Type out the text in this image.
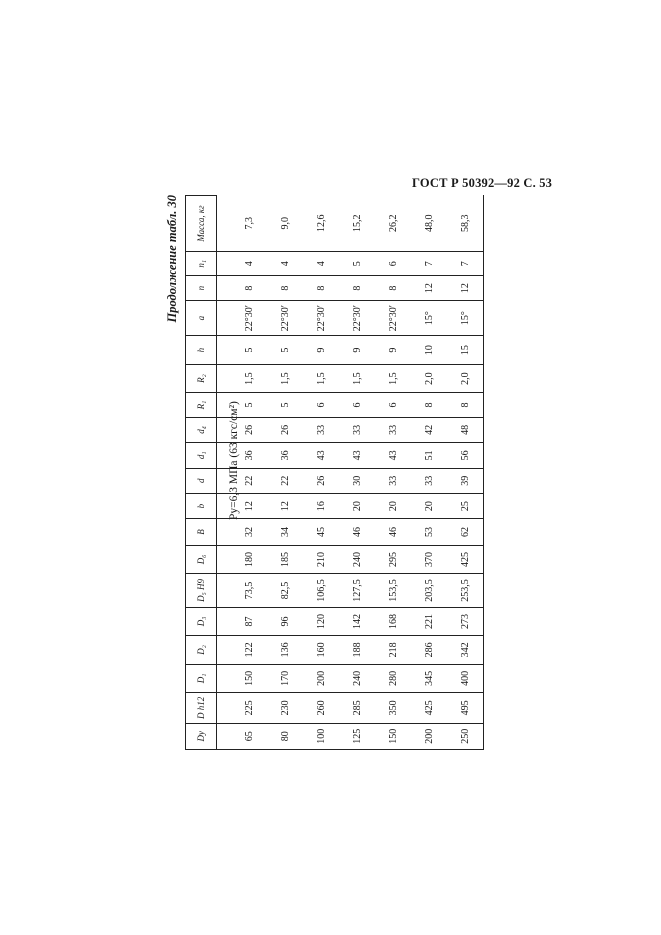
ГОСТ Р 50392—92 С. 53
Продолжение табл. 30
Pу=6,3 МПа (63 кгс/см²)
Dу	D h12	D₁	D₂	D₃	D₅ H9	D₆	B	b	d	d₁	d₄	R₁	R₂	h	a	n	n₁	Масса, кг

65	225	150	122	87	73,5	180	32	12	22	36	26	5	1,5	5	22°30′	8	4	7,3
80	230	170	136	96	82,5	185	34	12	22	36	26	5	1,5	5	22°30′	8	4	9,0
100	260	200	160	120	106,5	210	45	16	26	43	33	6	1,5	9	22°30′	8	4	12,6
125	285	240	188	142	127,5	240	46	20	30	43	33	6	1,5	9	22°30′	8	5	15,2
150	350	280	218	168	153,5	295	46	20	33	43	33	6	1,5	9	22°30′	8	6	26,2
200	425	345	286	221	203,5	370	53	20	33	51	42	8	2,0	10	15°	12	7	48,0
250	495	400	342	273	253,5	425	62	25	39	56	48	8	2,0	15	15°	12	7	58,3
